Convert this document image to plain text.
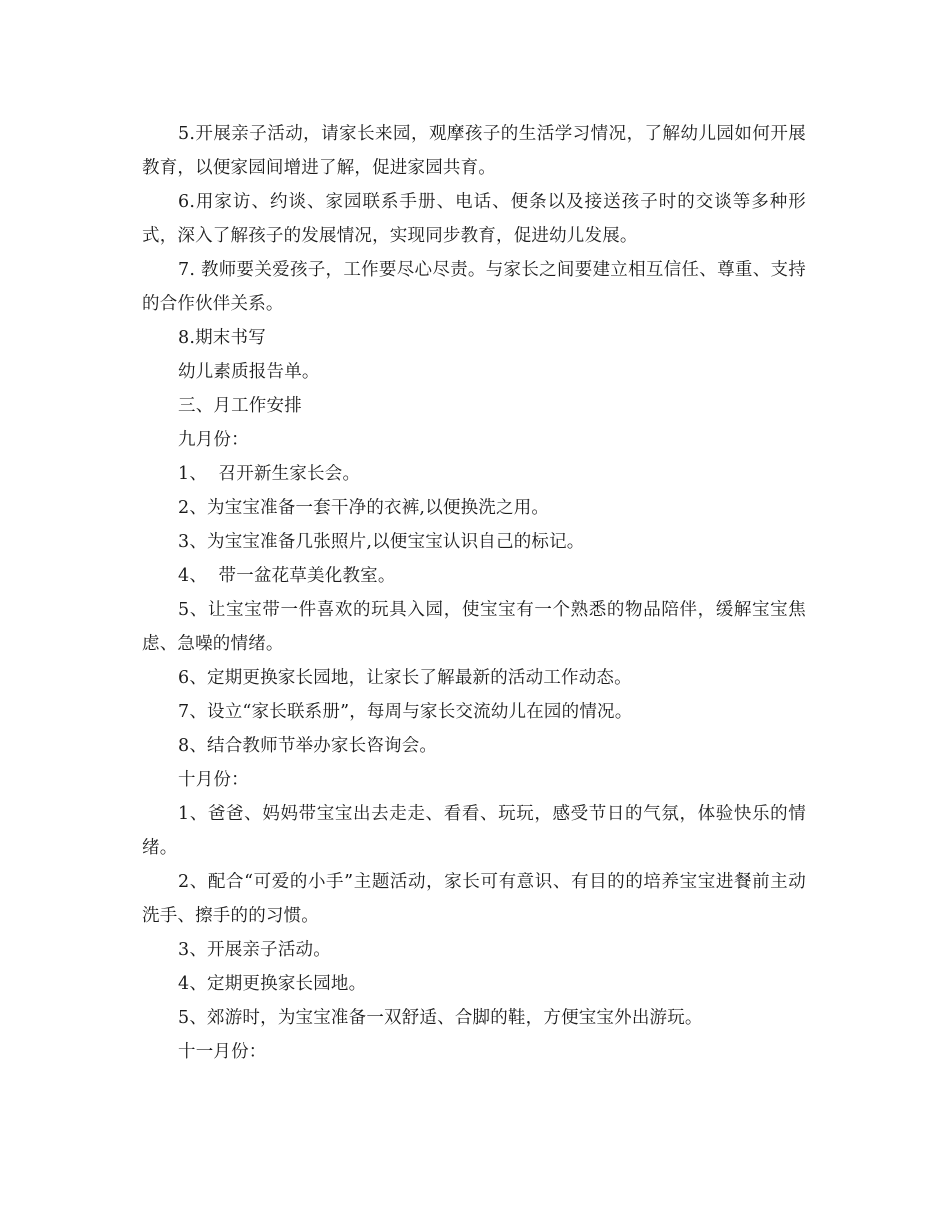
5.开展亲子活动，请家长来园，观摩孩子的生活学习情况，了解幼儿园如何开展教育，以便家园间增进了解，促进家园共育。

6.用家访、约谈、家园联系手册、电话、便条以及接送孩子时的交谈等多种形式，深入了解孩子的发展情况，实现同步教育，促进幼儿发展。

7. 教师要关爱孩子，工作要尽心尽责。与家长之间要建立相互信任、尊重、支持的合作伙伴关系。

8.期末书写

幼儿素质报告单。

三、月工作安排

九月份：

1、  召开新生家长会。

2、为宝宝准备一套干净的衣裤,以便换洗之用。

3、为宝宝准备几张照片,以便宝宝认识自己的标记。

4、  带一盆花草美化教室。

5、让宝宝带一件喜欢的玩具入园，使宝宝有一个熟悉的物品陪伴，缓解宝宝焦虑、急噪的情绪。

6、定期更换家长园地，让家长了解最新的活动工作动态。

7、设立“家长联系册”，每周与家长交流幼儿在园的情况。

8、结合教师节举办家长咨询会。

十月份：

1、爸爸、妈妈带宝宝出去走走、看看、玩玩，感受节日的气氛，体验快乐的情绪。

2、配合“可爱的小手”主题活动，家长可有意识、有目的的培养宝宝进餐前主动洗手、擦手的的习惯。

3、开展亲子活动。

4、定期更换家长园地。

5、郊游时，为宝宝准备一双舒适、合脚的鞋，方便宝宝外出游玩。

十一月份：
